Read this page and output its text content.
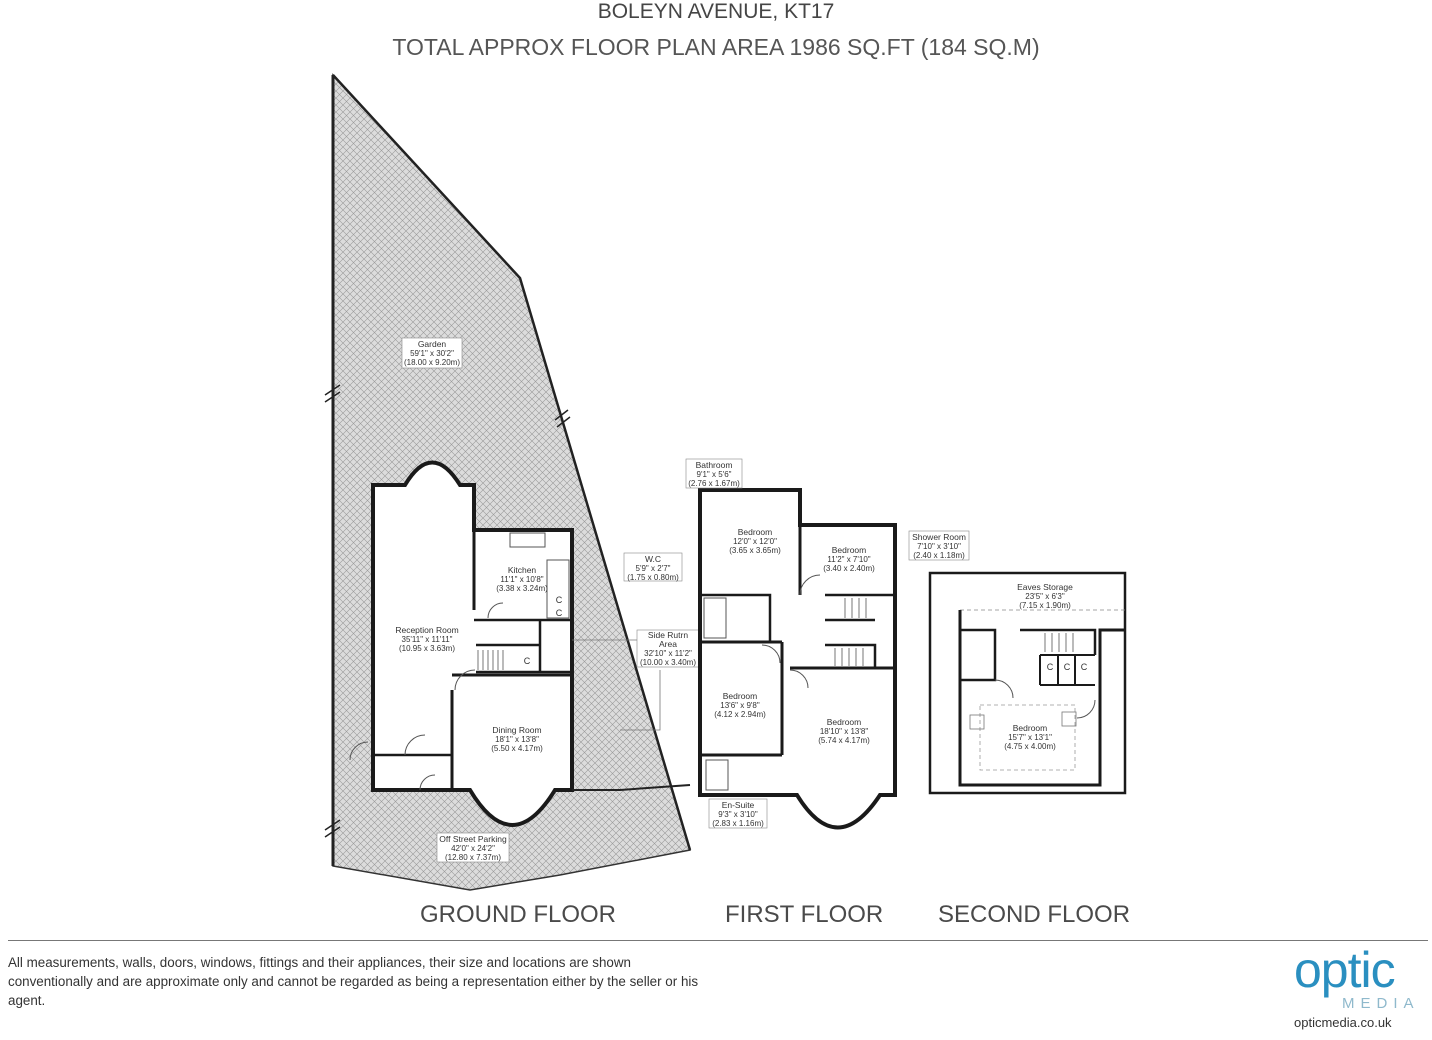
BOLEYN AVENUE, KT17
TOTAL APPROX FLOOR PLAN AREA 1986 SQ.FT (184 SQ.M)
C
C
C
Garden
59'1" x 30'2"
(18.00 x 9.20m)
Kitchen
11'1" x 10'8"
(3.38 x 3.24m)
Reception Room
35'11" x 11'11"
(10.95 x 3.63m)
Dining Room
18'1" x 13'8"
(5.50 x 4.17m)
Off Street Parking
42'0" x 24'2"
(12.80 x 7.37m)
W.C
5'9" x 2'7"
(1.75 x 0.80m)
Side Rutrn
Area
32'10" x 11'2"
(10.00 x 3.40m)
Bathroom
9'1" x 5'6"
(2.76 x 1.67m)
Bedroom
12'0" x 12'0"
(3.65 x 3.65m)	Bedroom
11'2" x 7'10"
(3.40 x 2.40m)
Bedroom
13'6" x 9'8"
(4.12 x 2.94m)
Bedroom
18'10" x 13'8"
(5.74 x 4.17m)
En-Suite
9'3" x 3'10"
(2.83 x 1.16m)
C C C
Shower Room
7'10" x 3'10"
(2.40 x 1.18m)
Eaves Storage
23'5" x 6'3"
(7.15 x 1.90m)
Bedroom
15'7" x 13'1"
(4.75 x 4.00m)
GROUND FLOOR	FIRST FLOOR SECOND FLOOR
All measurements, walls, doors, windows, fittings and their appliances, their size and locations are shown conventionally and are approximate only and cannot be regarded as being a representation either by the seller or his agent.
optic
MEDIA
opticmedia.co.uk
